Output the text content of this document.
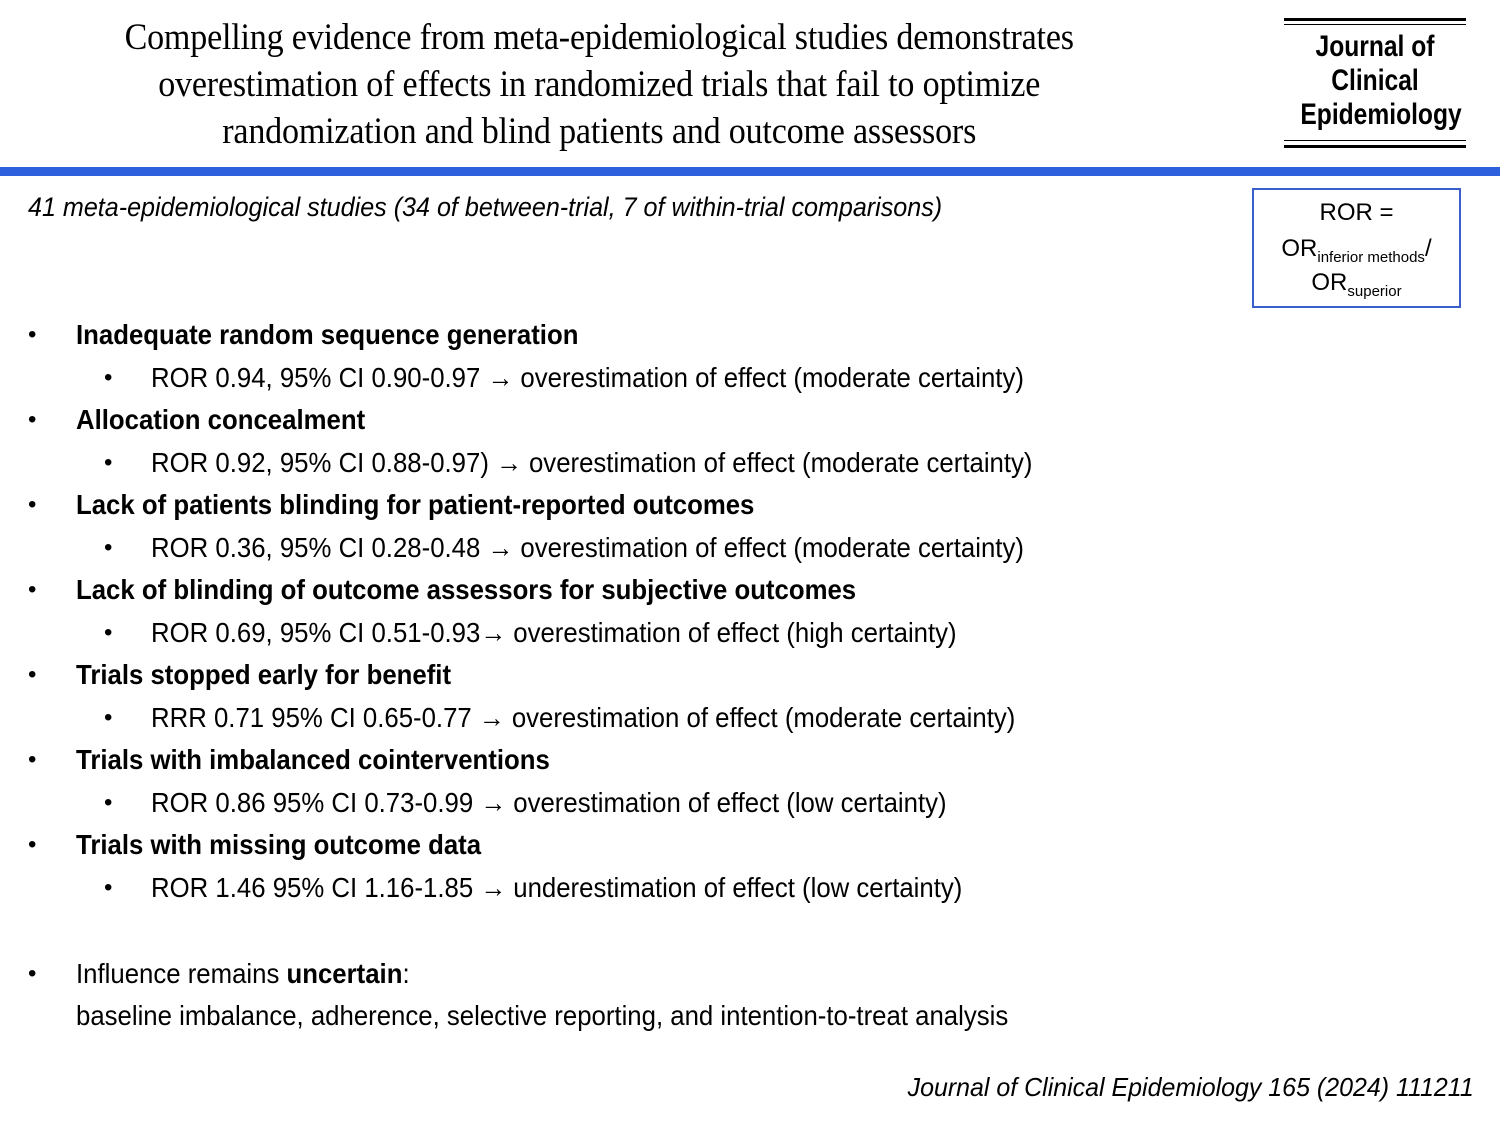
Compelling evidence from meta-epidemiological studies demonstrates
overestimation of effects in randomized trials that fail to optimize
randomization and blind patients and outcome assessors
Journal of
Clinical
Epidemiology
41 meta-epidemiological studies (34 of between-trial, 7 of within-trial comparisons)	ROR =
$OR_{inferior methods}/$
$OR_{superior}$
• Inadequate random sequence generation
• ROR 0.94, 95% CI 0.90-0.97 → overestimation of effect (moderate certainty)
• Allocation concealment
• ROR 0.92, 95% CI 0.88-0.97) → overestimation of effect (moderate certainty)
• Lack of patients blinding for patient-reported outcomes
• ROR 0.36, 95% CI 0.28-0.48 → overestimation of effect (moderate certainty)
• Lack of blinding of outcome assessors for subjective outcomes
• ROR 0.69, 95% CI 0.51-0.93→ overestimation of effect (high certainty)
• Trials stopped early for benefit
• RRR 0.71 95% CI 0.65-0.77 → overestimation of effect (moderate certainty)
• Trials with imbalanced cointerventions
• ROR 0.86 95% CI 0.73-0.99 → overestimation of effect (low certainty)
• Trials with missing outcome data
• ROR 1.46 95% CI 1.16-1.85 → underestimation of effect (low certainty)
• Influence remains uncertain:
baseline imbalance, adherence, selective reporting, and intention-to-treat analysis
Journal of Clinical Epidemiology 165 (2024) 111211
